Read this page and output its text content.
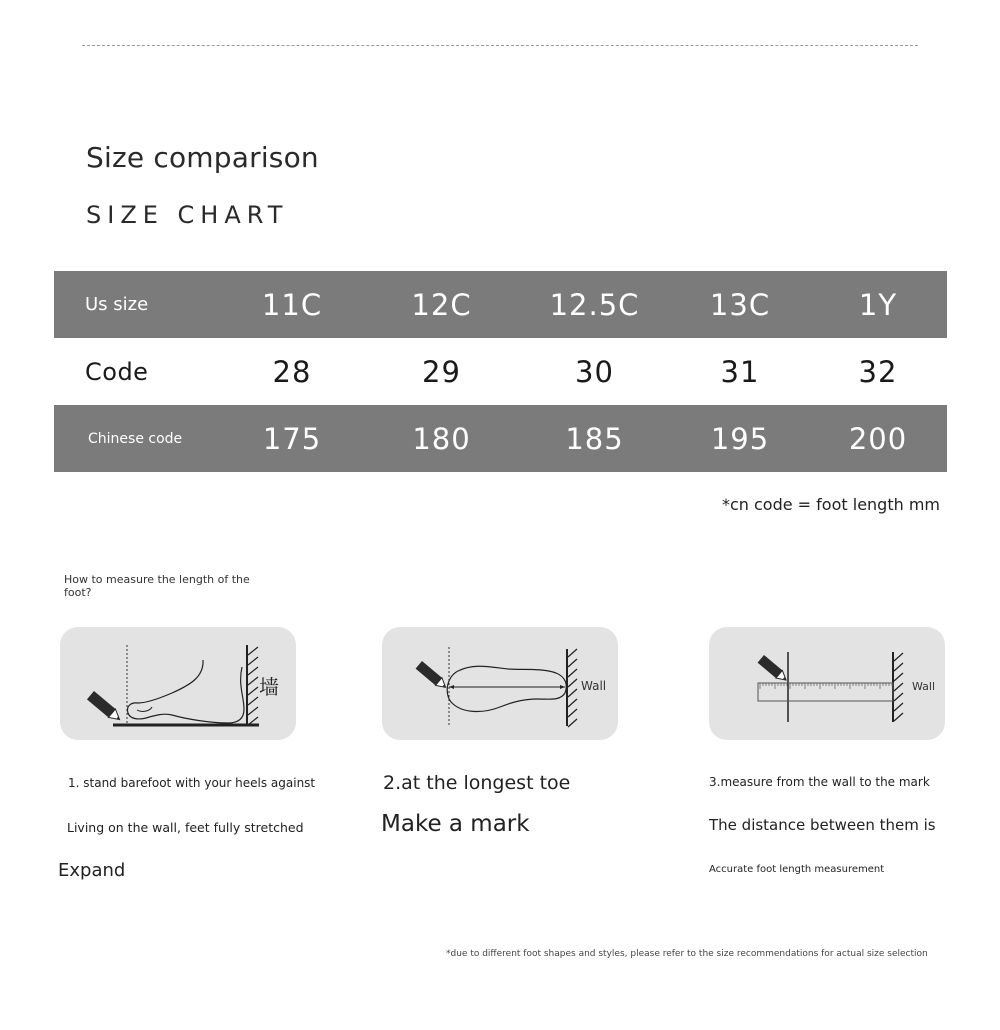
Size comparison
SIZE CHART
Us size	11C	12C	12.5C	13C	1Y
Code	28	29	30	31	32
Chinese code	175	180	185	195	200
*cn code = foot length mm
How to measure the length of the foot?
墙	Wall	Wall
1. stand barefoot with your heels against
Living on the wall, feet fully stretched
Expand
2.at the longest toe
Make a mark
3.measure from the wall to the mark
The distance between them is
Accurate foot length measurement
*due to different foot shapes and styles, please refer to the size recommendations for actual size selection
